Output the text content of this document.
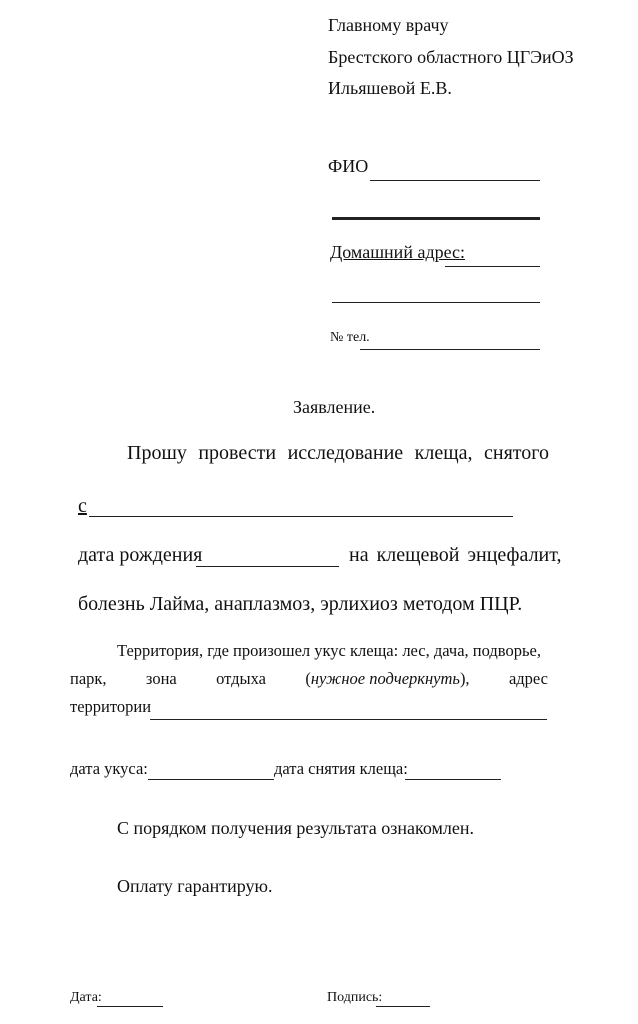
Главному врачу
Брестского областного ЦГЭиОЗ
Ильяшевой Е.В.
ФИО
Домашний адрес:
№ тел.
Заявление.
Прошу провести исследование клеща, снятого
с
дата рождения	на клещевой энцефалит,
болезнь Лайма, анаплазмоз, эрлихиоз методом ПЦР.
Территория, где произошел укус клеща: лес, дача, подворье,
парк, зона отдыха (нужное подчеркнуть), адрес
территории
дата укуса:	дата снятия клеща:
С порядком получения результата ознакомлен.
Оплату гарантирую.
Дата:	Подпись:
